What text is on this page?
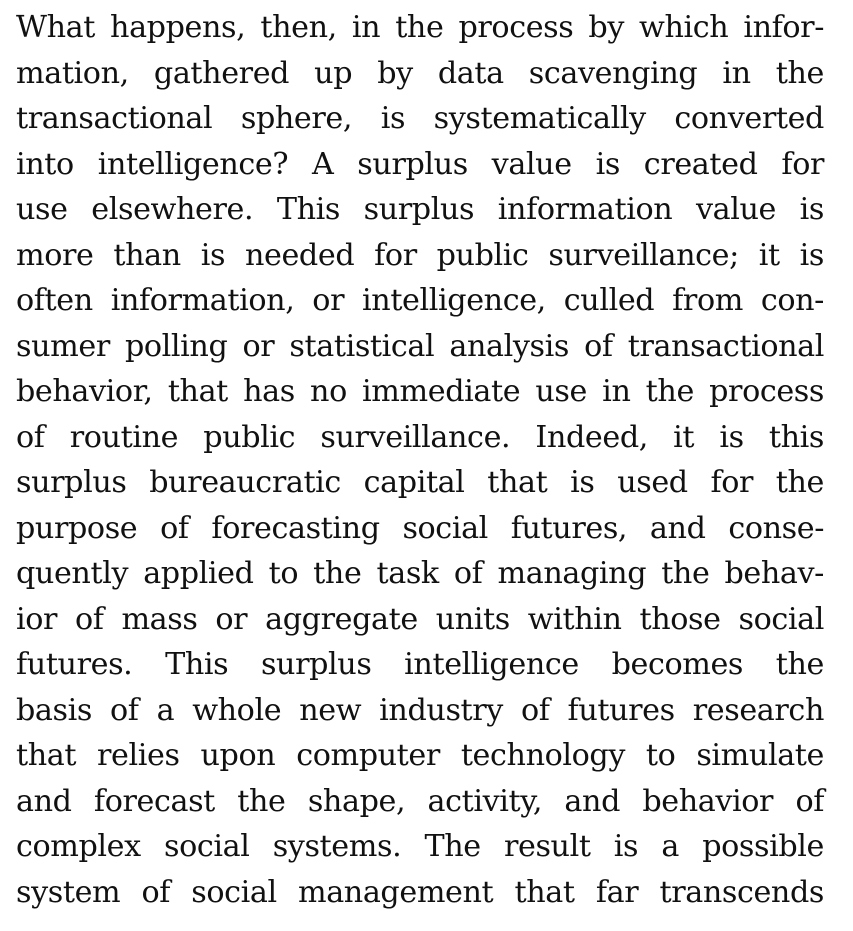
What happens, then, in the process by which infor-
mation, gathered up by data scavenging in the
transactional sphere, is systematically converted
into intelligence? A surplus value is created for
use elsewhere. This surplus information value is
more than is needed for public surveillance; it is
often information, or intelligence, culled from con-
sumer polling or statistical analysis of transactional
behavior, that has no immediate use in the process
of routine public surveillance. Indeed, it is this
surplus bureaucratic capital that is used for the
purpose of forecasting social futures, and conse-
quently applied to the task of managing the behav-
ior of mass or aggregate units within those social
futures. This surplus intelligence becomes the
basis of a whole new industry of futures research
that relies upon computer technology to simulate
and forecast the shape, activity, and behavior of
complex social systems. The result is a possible
system of social management that far transcends
